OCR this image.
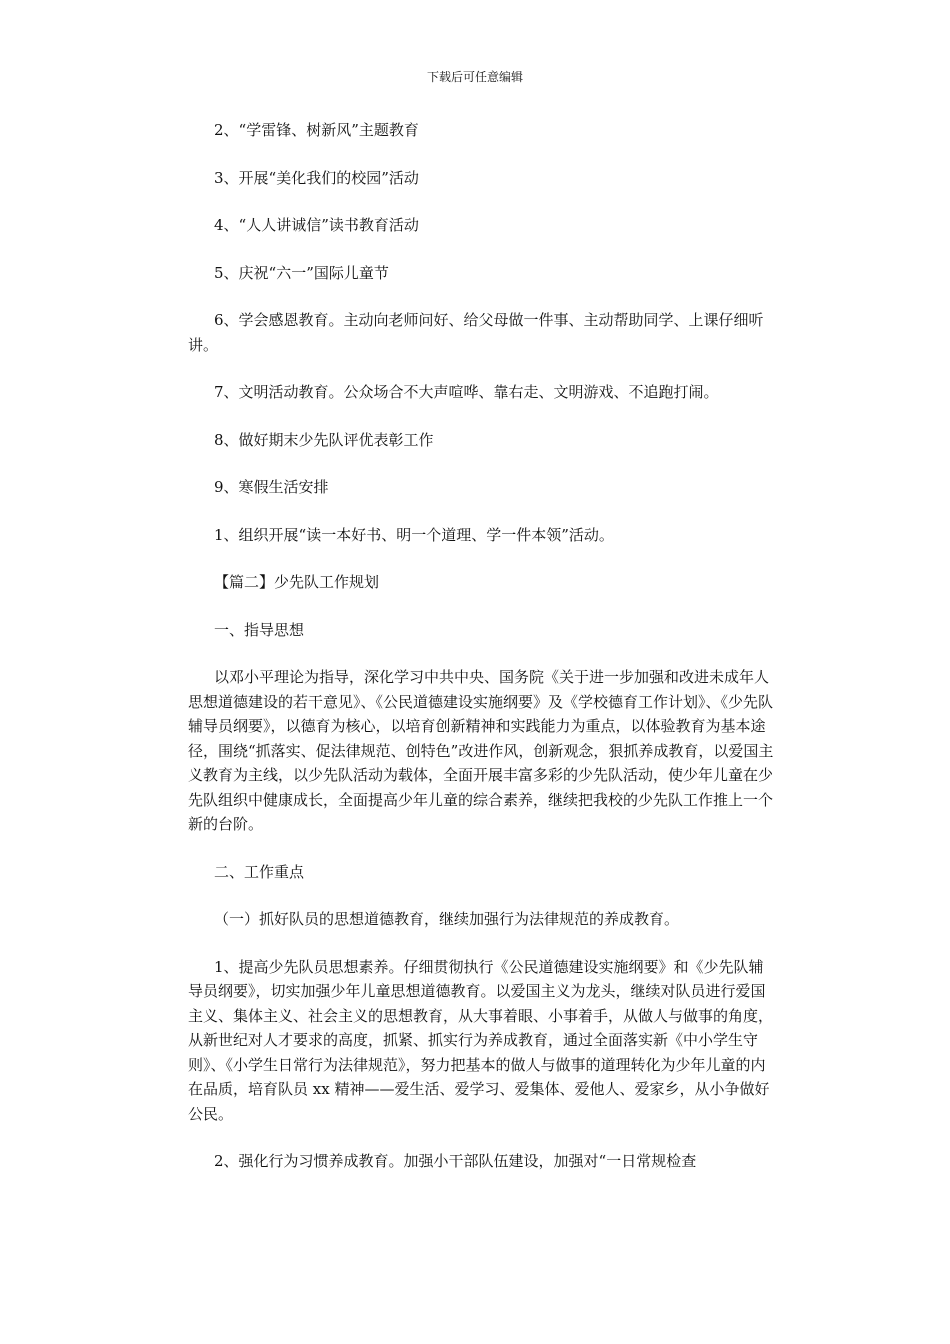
下载后可任意编辑

2、“学雷锋、树新风”主题教育

3、开展“美化我们的校园”活动

4、“人人讲诚信”读书教育活动

5、庆祝“六一”国际儿童节

6、学会感恩教育。主动向老师问好、给父母做一件事、主动帮助同学、上课仔细听讲。

7、文明活动教育。公众场合不大声喧哗、靠右走、文明游戏、不追跑打闹。

8、做好期末少先队评优表彰工作

9、寒假生活安排

1、组织开展“读一本好书、明一个道理、学一件本领”活动。

【篇二】少先队工作规划

一、指导思想

以邓小平理论为指导，深化学习中共中央、国务院《关于进一步加强和改进未成年人思想道德建设的若干意见》、《公民道德建设实施纲要》及《学校德育工作计划》、《少先队辅导员纲要》，以德育为核心，以培育创新精神和实践能力为重点，以体验教育为基本途径，围绕“抓落实、促法律规范、创特色”改进作风，创新观念，狠抓养成教育，以爱国主义教育为主线，以少先队活动为载体，全面开展丰富多彩的少先队活动，使少年儿童在少先队组织中健康成长，全面提高少年儿童的综合素养，继续把我校的少先队工作推上一个新的台阶。

二、工作重点

（一）抓好队员的思想道德教育，继续加强行为法律规范的养成教育。

1、提高少先队员思想素养。仔细贯彻执行《公民道德建设实施纲要》和《少先队辅导员纲要》，切实加强少年儿童思想道德教育。以爱国主义为龙头，继续对队员进行爱国主义、集体主义、社会主义的思想教育，从大事着眼、小事着手，从做人与做事的角度，从新世纪对人才要求的高度，抓紧、抓实行为养成教育，通过全面落实新《中小学生守则》、《小学生日常行为法律规范》，努力把基本的做人与做事的道理转化为少年儿童的内在品质，培育队员 xx 精神——爱生活、爱学习、爱集体、爱他人、爱家乡，从小争做好公民。

2、强化行为习惯养成教育。加强小干部队伍建设，加强对“一日常规检查
